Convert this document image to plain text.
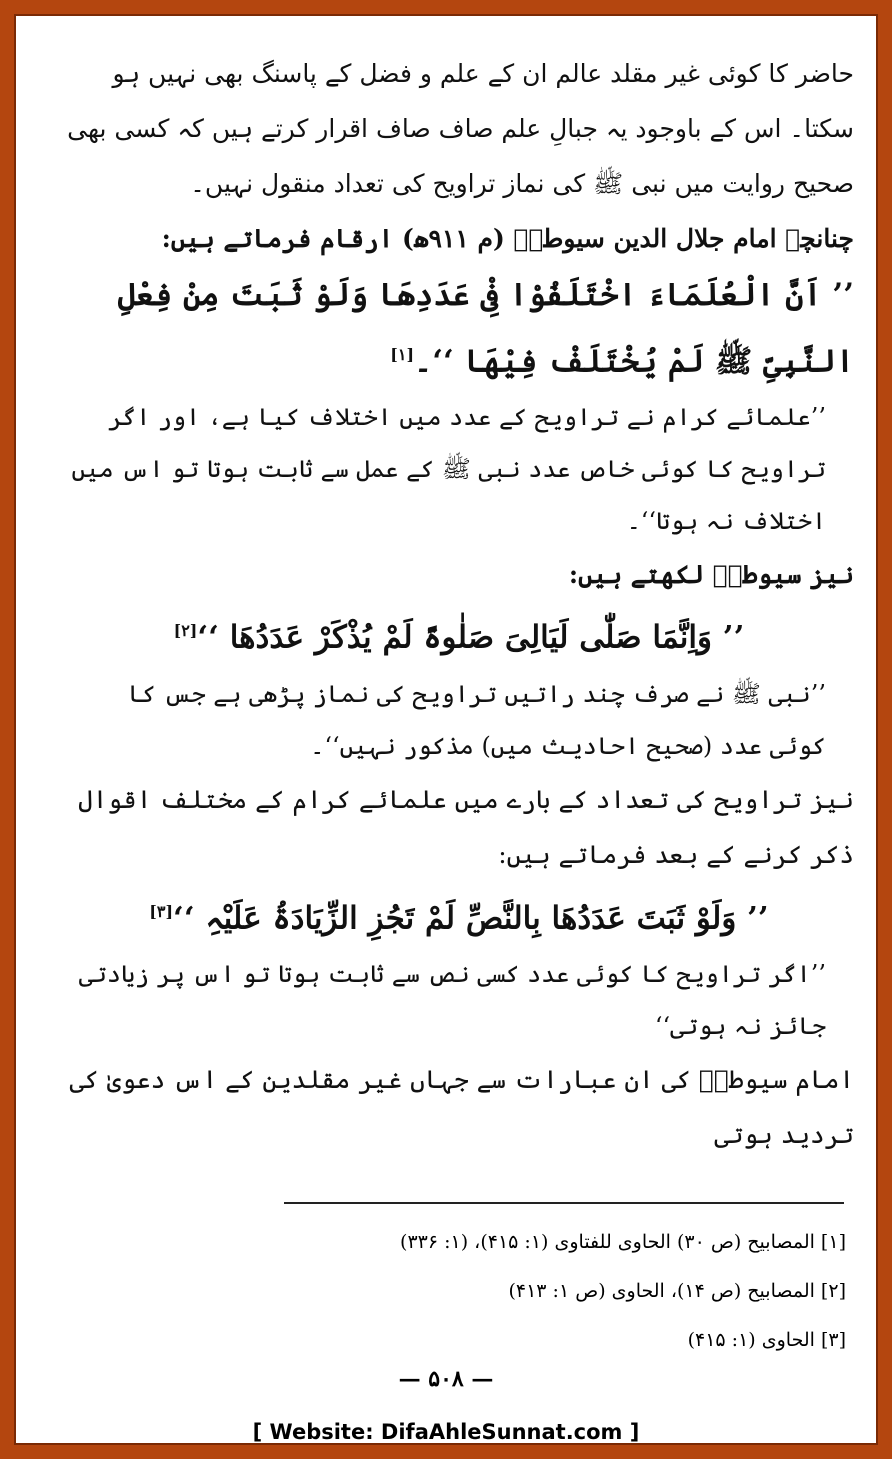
حاضر کا کوئی غیر مقلد عالم ان کے علم و فضل کے پاسنگ بھی نہیں ہو سکتا۔ اس کے باوجود یہ جبالِ علم صاف صاف اقرار کرتے ہیں کہ کسی بھی صحیح روایت میں نبی ﷺ کی نماز تراویح کی تعداد منقول نہیں۔

چنانچہ امام جلال الدین سیوطیؒ (م ۹۱۱ھ) ارقام فرماتے ہیں:

’’ اَنَّ الْعُلَمَاءَ اخْتَلَفُوْا فِیْ عَدَدِھَا وَلَوْ ثَبَتَ مِنْ فِعْلِ النَّبِیِّ ﷺ لَمْ یُخْتَلَفْ فِیْھَا ‘‘۔[۱]

’’علمائے کرام نے تراویح کے عدد میں اختلاف کیا ہے، اور اگر تراویح کا کوئی خاص عدد نبی ﷺ کے عمل سے ثابت ہوتا تو اس میں اختلاف نہ ہوتا‘‘۔

نیز سیوطیؒ لکھتے ہیں:

’’ وَاِنَّمَا صَلّٰی لَیَالِیَ صَلٰوۃً لَمْ یُذْکَرْ عَدَدُھَا ‘‘[۲]

’’نبی ﷺ نے صرف چند راتیں تراویح کی نماز پڑھی ہے جس کا کوئی عدد (صحیح احادیث میں) مذکور نہیں‘‘۔

نیز تراویح کی تعداد کے بارے میں علمائے کرام کے مختلف اقوال ذکر کرنے کے بعد فرماتے ہیں:

’’ وَلَوْ ثَبَتَ عَدَدُھَا بِالنَّصِّ لَمْ تَجُزِ الزِّیَادَۃُ عَلَیْہِ ‘‘[۳]

’’اگر تراویح کا کوئی عدد کسی نص سے ثابت ہوتا تو اس پر زیادتی جائز نہ ہوتی‘‘

امام سیوطیؒ کی ان عبارات سے جہاں غیر مقلدین کے اس دعویٰ کی تردید ہوتی

[۱] المصابیح (ص ۳۰) الحاوی للفتاوی (۱: ۴۱۵)، (۱: ۳۳۶)

[۲] المصابیح (ص ۱۴)، الحاوی (ص ۱: ۴۱۳)

[۳] الحاوی (۱: ۴۱۵)

— ۵۰۸ —
[ Website: DifaAhleSunnat.com ]
